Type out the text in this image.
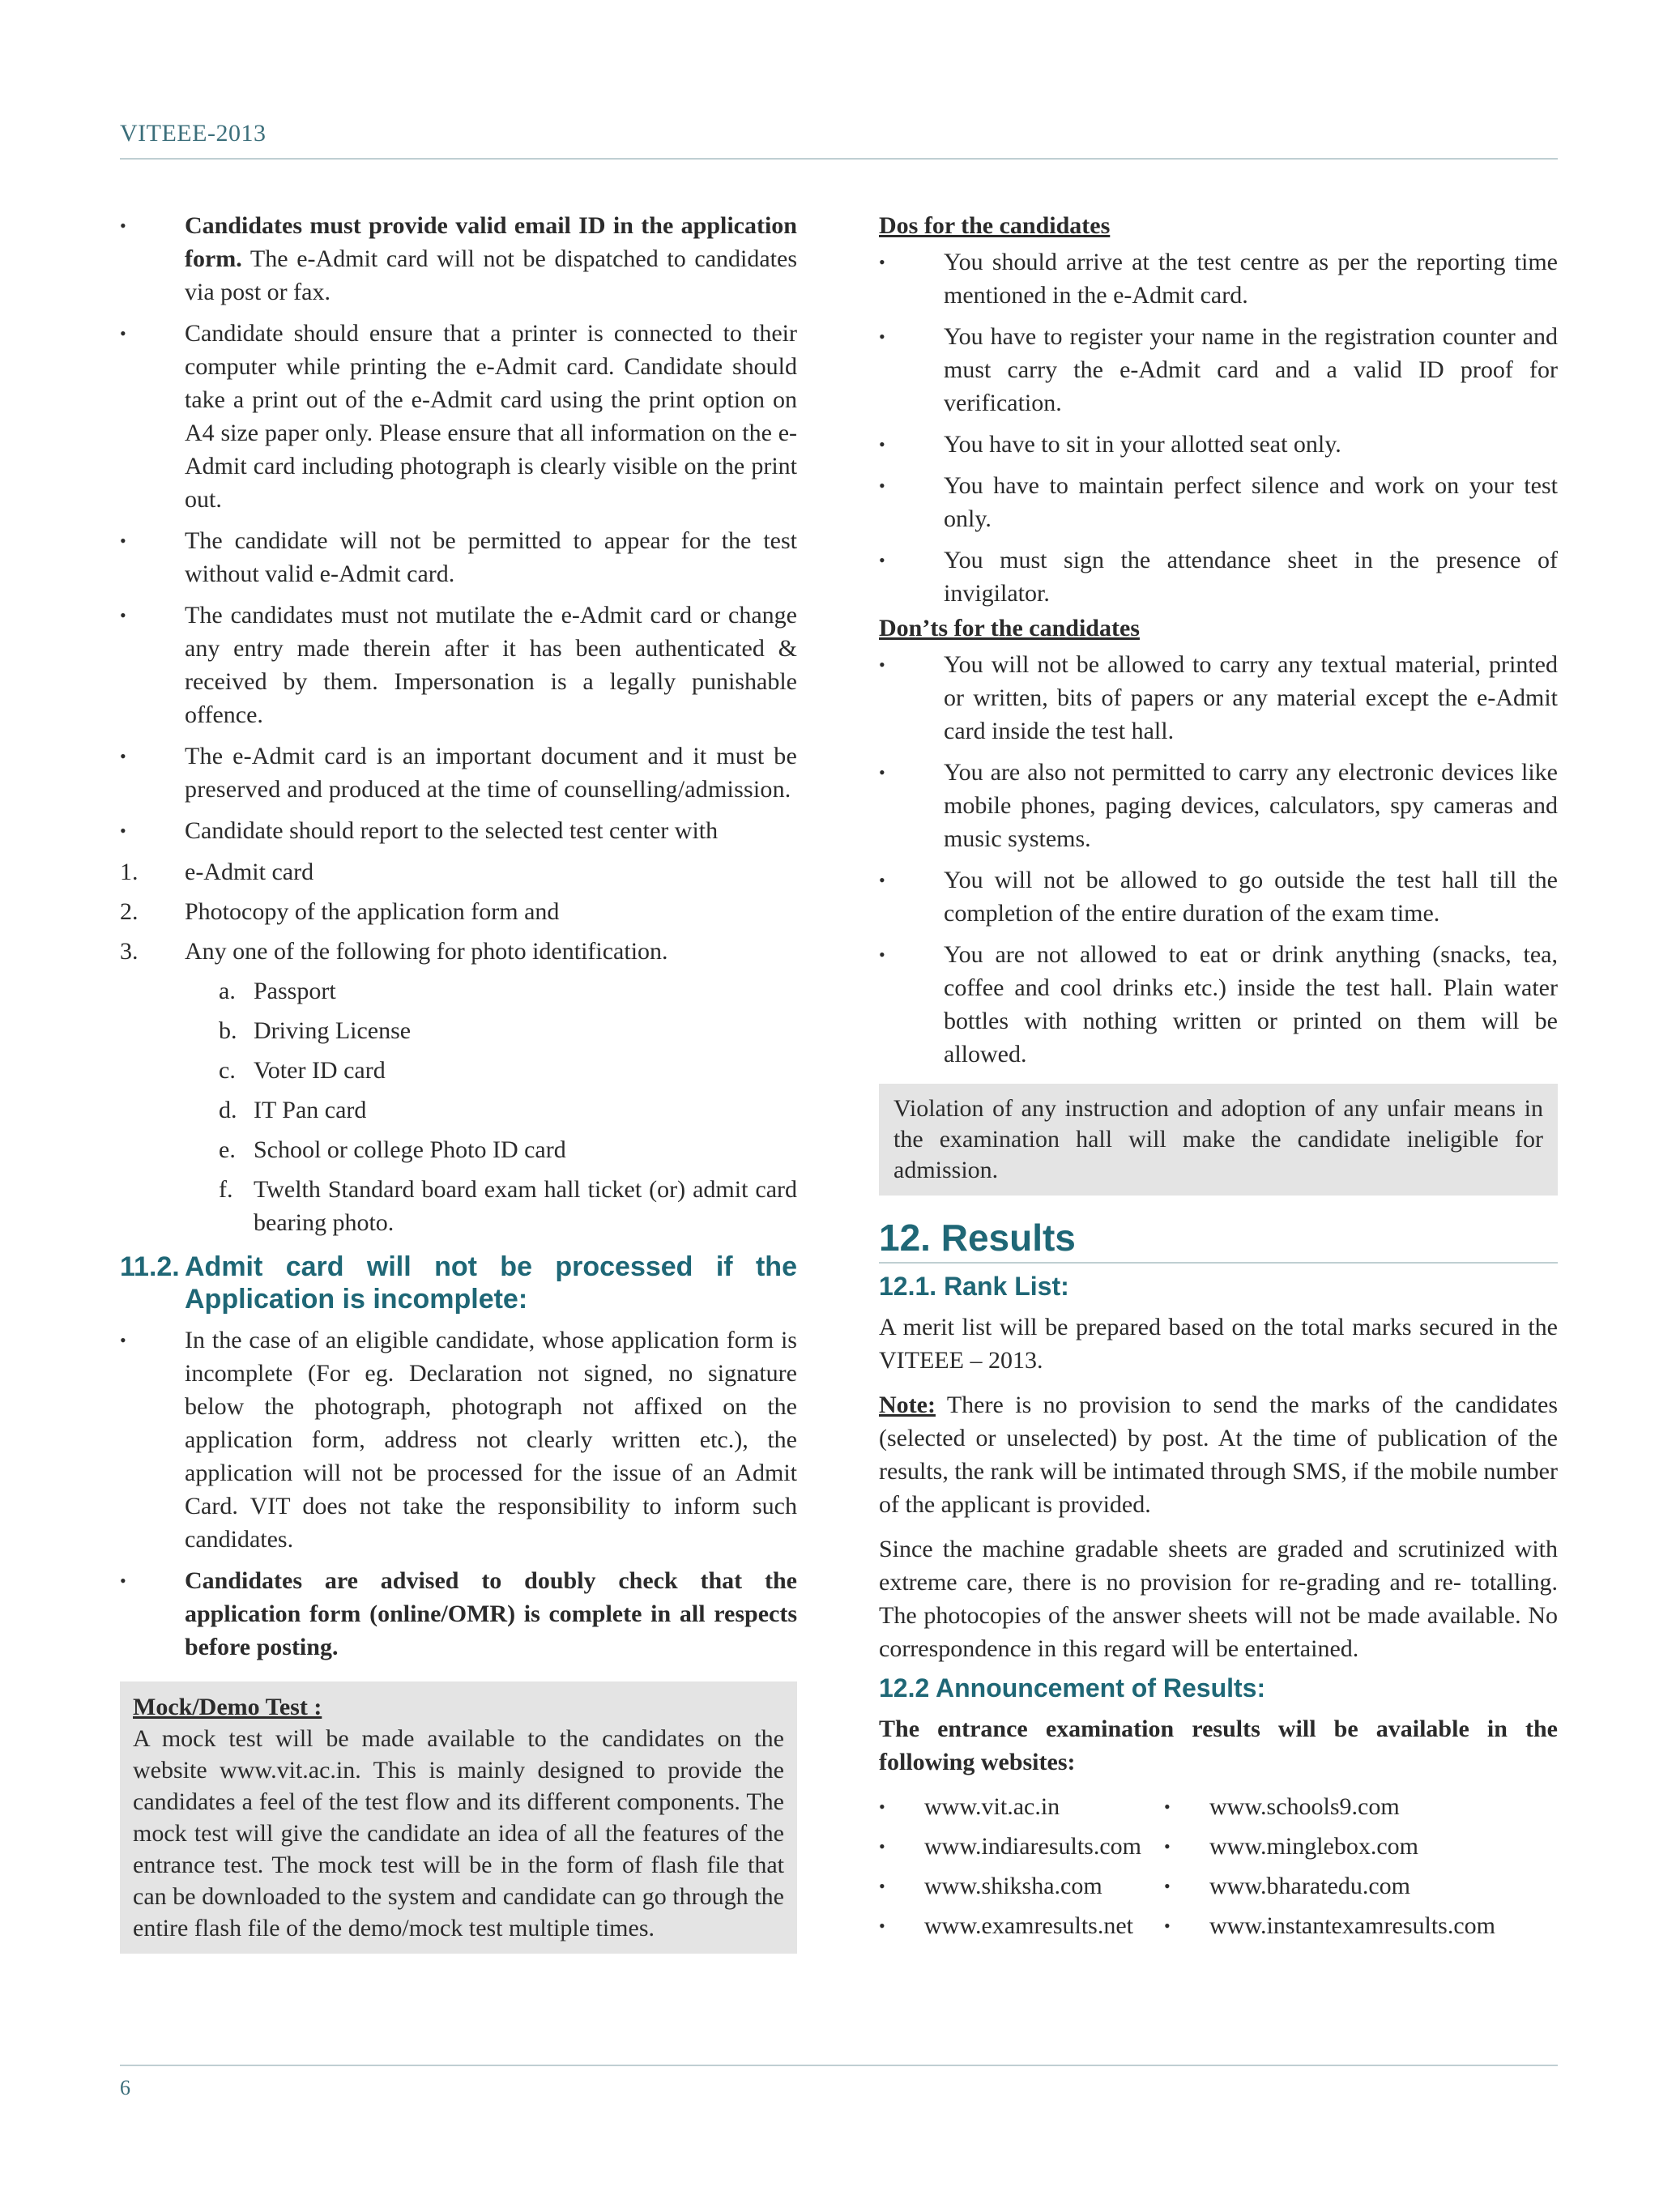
VITEEE-2013
• Candidates must provide valid email ID in the application form. The e-Admit card will not be dispatched to candidates via post or fax.
• Candidate should ensure that a printer is connected to their computer while printing the e-Admit card. Candidate should take a print out of the e-Admit card using the print option on A4 size paper only. Please ensure that all information on the e-Admit card including photograph is clearly visible on the print out.
• The candidate will not be permitted to appear for the test without valid e-Admit card.
• The candidates must not mutilate the e-Admit card or change any entry made therein after it has been authenticated & received by them. Impersonation is a legally punishable offence.
• The e-Admit card is an important document and it must be preserved and produced at the time of counselling/admission.
• Candidate should report to the selected test center with
1. e-Admit card
2. Photocopy of the application form and
3. Any one of the following for photo identification.
a. Passport
b. Driving License
c. Voter ID card
d. IT Pan card
e. School or college Photo ID card
f. Twelth Standard board exam hall ticket (or) admit card bearing photo.
11.2. Admit card will not be processed if the Application is incomplete:
• In the case of an eligible candidate, whose application form is incomplete (For eg. Declaration not signed, no signature below the photograph, photograph not affixed on the application form, address not clearly written etc.), the application will not be processed for the issue of an Admit Card. VIT does not take the responsibility to inform such candidates.
• Candidates are advised to doubly check that the application form (online/OMR) is complete in all respects before posting.

Mock/Demo Test :

A mock test will be made available to the candidates on the website www.vit.ac.in. This is mainly designed to provide the candidates a feel of the test flow and its different components. The mock test will give the candidate an idea of all the features of the entrance test. The mock test will be in the form of flash file that can be downloaded to the system and candidate can go through the entire flash file of the demo/mock test multiple times.

Dos for the candidates

• You should arrive at the test centre as per the reporting time mentioned in the e-Admit card.
• You have to register your name in the registration counter and must carry the e-Admit card and a valid ID proof for verification.
• You have to sit in your allotted seat only.
• You have to maintain perfect silence and work on your test only.
• You must sign the attendance sheet in the presence of invigilator.

Don’ts for the candidates

• You will not be allowed to carry any textual material, printed or written, bits of papers or any material except the e-Admit card inside the test hall.
• You are also not permitted to carry any electronic devices like mobile phones, paging devices, calculators, spy cameras and music systems.
• You will not be allowed to go outside the test hall till the completion of the entire duration of the exam time.
• You are not allowed to eat or drink anything (snacks, tea, coffee and cool drinks etc.) inside the test hall. Plain water bottles with nothing written or printed on them will be allowed.

Violation of any instruction and adoption of any unfair means in the examination hall will make the candidate ineligible for admission.

12. Results
12.1. Rank List:

A merit list will be prepared based on the total marks secured in the VITEEE – 2013.

Note: There is no provision to send the marks of the candidates (selected or unselected) by post. At the time of publication of the results, the rank will be intimated through SMS, if the mobile number of the applicant is provided.

Since the machine gradable sheets are graded and scrutinized with extreme care, there is no provision for re-grading and re- totalling. The photocopies of the answer sheets will not be made available. No correspondence in this regard will be entertained.

12.2 Announcement of Results:

The entrance examination results will be available in the following websites:

• www.vit.ac.in	• www.schools9.com
• www.indiaresults.com	• www.minglebox.com
• www.shiksha.com	• www.bharatedu.com
• www.examresults.net	• www.instantexamresults.com
6
